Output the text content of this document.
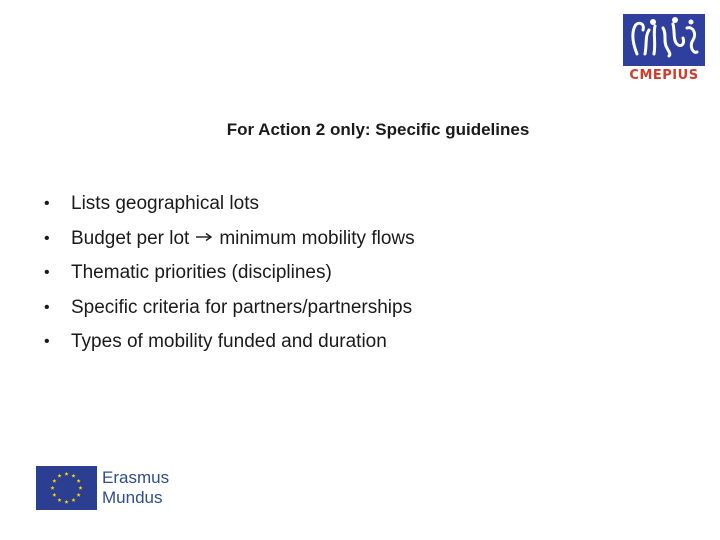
CMEPIUS
For Action 2 only: Specific guidelines
•	Lists geographical lots
•	Budget per lot minimum mobility flows
•	Thematic priorities (disciplines)
•	Specific criteria for partners/partnerships
•	Types of mobility funded and duration
Erasmus
Mundus
